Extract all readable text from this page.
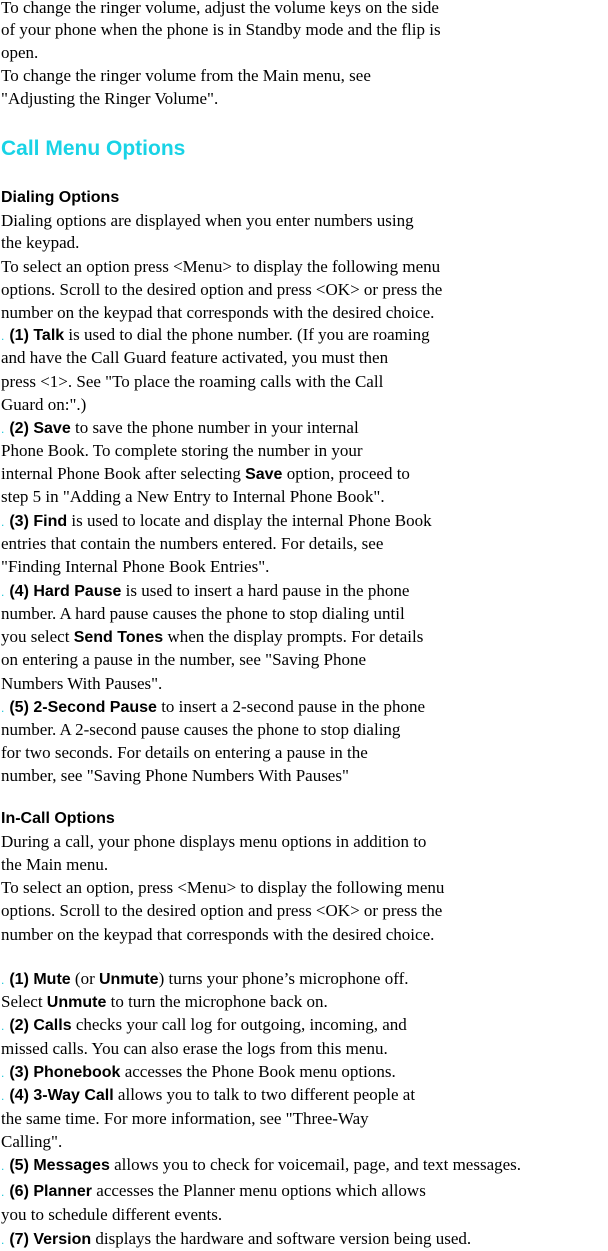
To change the ringer volume, adjust the volume keys on the side
of your phone when the phone is in Standby mode and the flip is
open.
To change the ringer volume from the Main menu, see
"Adjusting the Ringer Volume".
Call Menu Options
Dialing Options
Dialing options are displayed when you enter numbers using
the keypad.
To select an option press <Menu> to display the following menu
options. Scroll to the desired option and press <OK> or press the
number on the keypad that corresponds with the desired choice.
. (1) Talk is used to dial the phone number. (If you are roaming
and have the Call Guard feature activated, you must then
press <1>. See "To place the roaming calls with the Call
Guard on:".)
. (2) Save to save the phone number in your internal
Phone Book. To complete storing the number in your
internal Phone Book after selecting Save option, proceed to
step 5 in "Adding a New Entry to Internal Phone Book".
. (3) Find is used to locate and display the internal Phone Book
entries that contain the numbers entered. For details, see
"Finding Internal Phone Book Entries".
. (4) Hard Pause is used to insert a hard pause in the phone
number. A hard pause causes the phone to stop dialing until
you select Send Tones when the display prompts. For details
on entering a pause in the number, see "Saving Phone
Numbers With Pauses".
. (5) 2-Second Pause to insert a 2-second pause in the phone
number. A 2-second pause causes the phone to stop dialing
for two seconds. For details on entering a pause in the
number, see "Saving Phone Numbers With Pauses"
In-Call Options
During a call, your phone displays menu options in addition to
the Main menu.
To select an option, press <Menu> to display the following menu
options. Scroll to the desired option and press <OK> or press the
number on the keypad that corresponds with the desired choice.
. (1) Mute (or Unmute) turns your phone’s microphone off.
Select Unmute to turn the microphone back on.
. (2) Calls checks your call log for outgoing, incoming, and
missed calls. You can also erase the logs from this menu.
. (3) Phonebook accesses the Phone Book menu options.
. (4) 3-Way Call allows you to talk to two different people at
the same time. For more information, see "Three-Way
Calling".
. (5) Messages allows you to check for voicemail, page, and text messages.
. (6) Planner accesses the Planner menu options which allows
you to schedule different events.
. (7) Version displays the hardware and software version being used.
